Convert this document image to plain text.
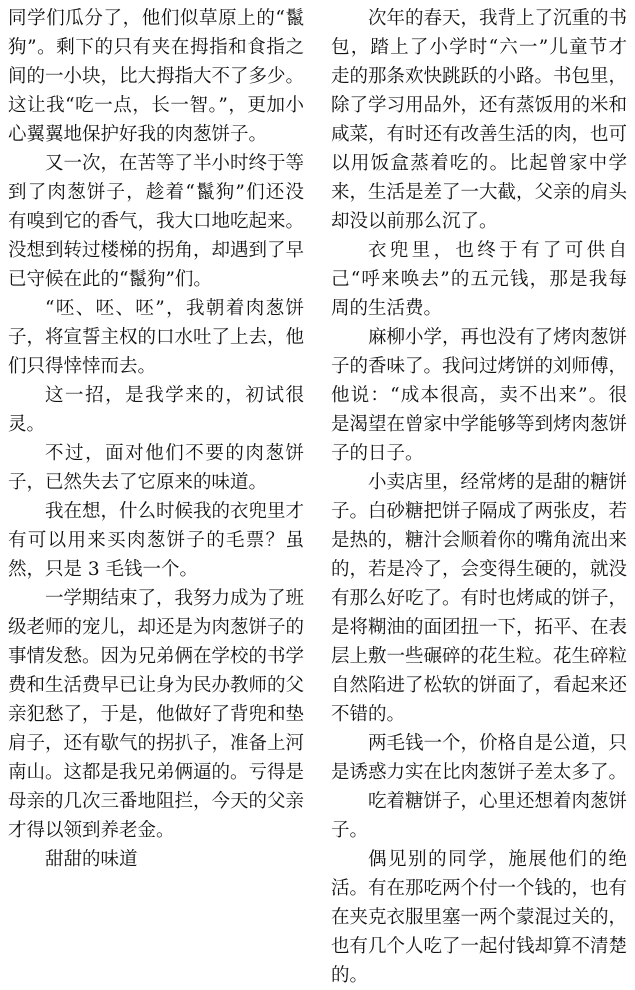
同学们瓜分了，他们似草原上的“鬣狗”。剩下的只有夹在拇指和食指之间的一小块，比大拇指大不了多少。这让我“吃一点，长一智。”，更加小心翼翼地保护好我的肉葱饼子。

又一次，在苦等了半小时终于等到了肉葱饼子，趁着“鬣狗”们还没有嗅到它的香气，我大口地吃起来。没想到转过楼梯的拐角，却遇到了早已守候在此的“鬣狗”们。

“呸、呸、呸”，我朝着肉葱饼子，将宣誓主权的口水吐了上去，他们只得悻悻而去。

这一招，是我学来的，初试很灵。

不过，面对他们不要的肉葱饼子，已然失去了它原来的味道。

我在想，什么时候我的衣兜里才有可以用来买肉葱饼子的毛票？虽然，只是 3 毛钱一个。

一学期结束了，我努力成为了班级老师的宠儿，却还是为肉葱饼子的事情发愁。因为兄弟俩在学校的书学费和生活费早已让身为民办教师的父亲犯愁了，于是，他做好了背兜和垫肩子，还有歇气的拐扒子，准备上河南山。这都是我兄弟俩逼的。亏得是母亲的几次三番地阻拦，今天的父亲才得以领到养老金。

甜甜的味道

次年的春天，我背上了沉重的书包，踏上了小学时“六一”儿童节才走的那条欢快跳跃的小路。书包里，除了学习用品外，还有蒸饭用的米和咸菜，有时还有改善生活的肉，也可以用饭盒蒸着吃的。比起曾家中学来，生活是差了一大截，父亲的肩头却没以前那么沉了。

衣兜里，也终于有了可供自己“呼来唤去”的五元钱，那是我每周的生活费。

麻柳小学，再也没有了烤肉葱饼子的香味了。我问过烤饼的刘师傅，他说：“成本很高，卖不出来”。很是渴望在曾家中学能够等到烤肉葱饼子的日子。

小卖店里，经常烤的是甜的糖饼子。白砂糖把饼子隔成了两张皮，若是热的，糖汁会顺着你的嘴角流出来的，若是冷了，会变得生硬的，就没有那么好吃了。有时也烤咸的饼子，是将糊油的面团扭一下，拓平、在表层上敷一些碾碎的花生粒。花生碎粒自然陷进了松软的饼面了，看起来还不错的。

两毛钱一个，价格自是公道，只是诱惑力实在比肉葱饼子差太多了。

吃着糖饼子，心里还想着肉葱饼子。

偶见别的同学，施展他们的绝活。有在那吃两个付一个钱的，也有在夹克衣服里塞一两个蒙混过关的，也有几个人吃了一起付钱却算不清楚的。
